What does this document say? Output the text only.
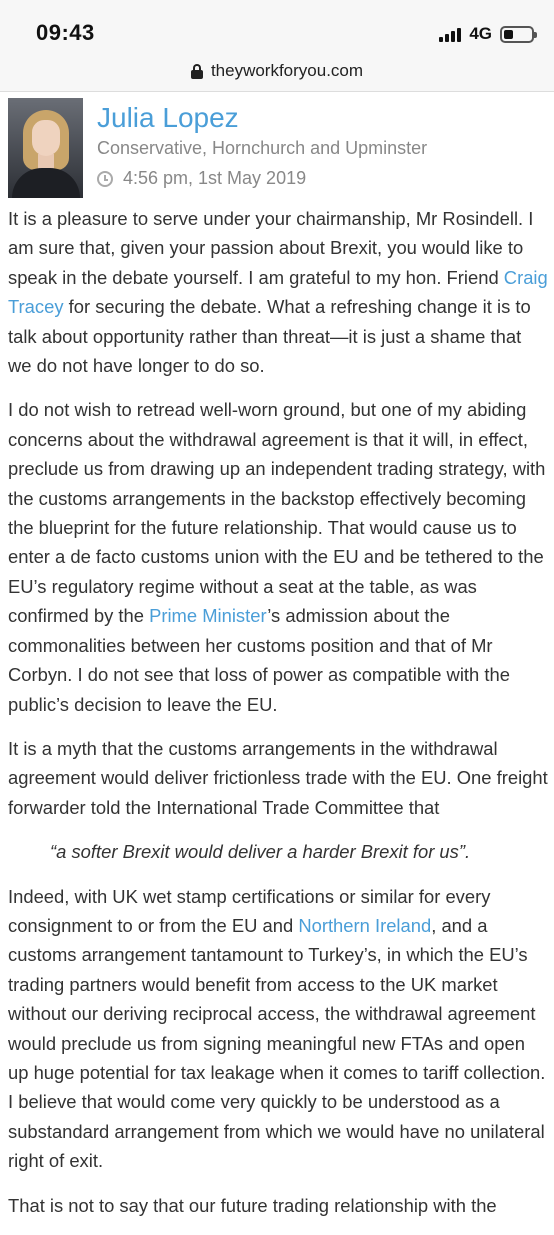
09:43	4G
theyworkforyou.com
Julia Lopez
Conservative, Hornchurch and Upminster
4:56 pm, 1st May 2019

It is a pleasure to serve under your chairmanship, Mr Rosindell. I am sure that, given your passion about Brexit, you would like to speak in the debate yourself. I am grateful to my hon. Friend Craig Tracey for securing the debate. What a refreshing change it is to talk about opportunity rather than threat—it is just a shame that we do not have longer to do so.

I do not wish to retread well-worn ground, but one of my abiding concerns about the withdrawal agreement is that it will, in effect, preclude us from drawing up an independent trading strategy, with the customs arrangements in the backstop effectively becoming the blueprint for the future relationship. That would cause us to enter a de facto customs union with the EU and be tethered to the EU’s regulatory regime without a seat at the table, as was confirmed by the Prime Minister’s admission about the commonalities between her customs position and that of Mr Corbyn. I do not see that loss of power as compatible with the public’s decision to leave the EU.

It is a myth that the customs arrangements in the withdrawal agreement would deliver frictionless trade with the EU. One freight forwarder told the International Trade Committee that

“a softer Brexit would deliver a harder Brexit for us”.

Indeed, with UK wet stamp certifications or similar for every consignment to or from the EU and Northern Ireland, and a customs arrangement tantamount to Turkey’s, in which the EU’s trading partners would benefit from access to the UK market without our deriving reciprocal access, the withdrawal agreement would preclude us from signing meaningful new FTAs and open up huge potential for tax leakage when it comes to tariff collection. I believe that would come very quickly to be understood as a substandard arrangement from which we would have no unilateral right of exit.

That is not to say that our future trading relationship with the
